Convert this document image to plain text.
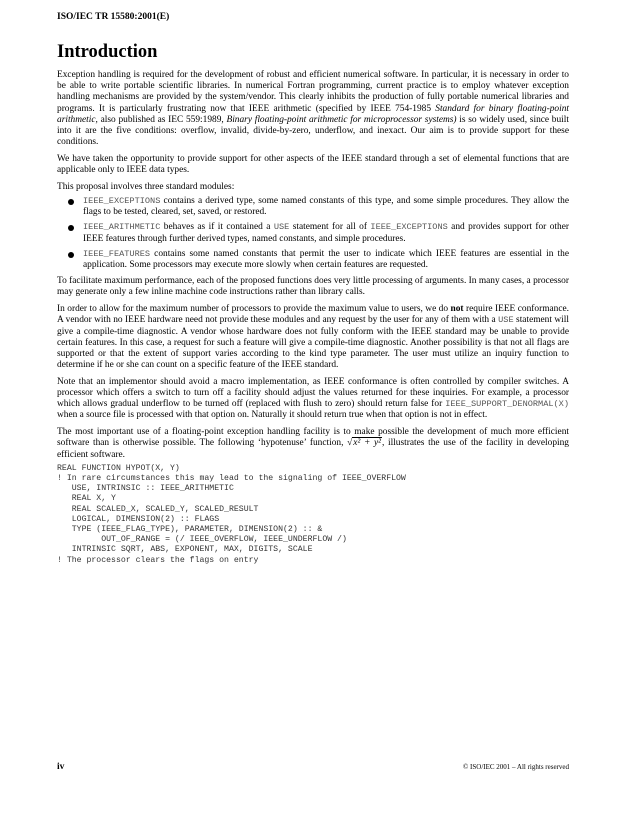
ISO/IEC TR 15580:2001(E)
Introduction

Exception handling is required for the development of robust and efficient numerical software. In particular, it is necessary in order to be able to write portable scientific libraries. In numerical Fortran programming, current practice is to employ whatever exception handling mechanisms are provided by the system/vendor. This clearly inhibits the production of fully portable numerical libraries and programs. It is particularly frustrating now that IEEE arithmetic (specified by IEEE 754-1985 Standard for binary floating-point arithmetic, also published as IEC 559:1989, Binary floating-point arithmetic for microprocessor systems) is so widely used, since built into it are the five conditions: overflow, invalid, divide-by-zero, underflow, and inexact. Our aim is to provide support for these conditions.

We have taken the opportunity to provide support for other aspects of the IEEE standard through a set of elemental functions that are applicable only to IEEE data types.

This proposal involves three standard modules:

IEEE_EXCEPTIONS contains a derived type, some named constants of this type, and some simple procedures. They allow the flags to be tested, cleared, set, saved, or restored.
IEEE_ARITHMETIC behaves as if it contained a USE statement for all of IEEE_EXCEPTIONS and provides support for other IEEE features through further derived types, named constants, and simple procedures.
IEEE_FEATURES contains some named constants that permit the user to indicate which IEEE features are essential in the application. Some processors may execute more slowly when certain features are requested.

To facilitate maximum performance, each of the proposed functions does very little processing of arguments. In many cases, a processor may generate only a few inline machine code instructions rather than library calls.

In order to allow for the maximum number of processors to provide the maximum value to users, we do not require IEEE conformance. A vendor with no IEEE hardware need not provide these modules and any request by the user for any of them with a USE statement will give a compile-time diagnostic. A vendor whose hardware does not fully conform with the IEEE standard may be unable to provide certain features. In this case, a request for such a feature will give a compile-time diagnostic. Another possibility is that not all flags are supported or that the extent of support varies according to the kind type parameter. The user must utilize an inquiry function to determine if he or she can count on a specific feature of the IEEE standard.

Note that an implementor should avoid a macro implementation, as IEEE conformance is often controlled by compiler switches. A processor which offers a switch to turn off a facility should adjust the values returned for these inquiries. For example, a processor which allows gradual underflow to be turned off (replaced with flush to zero) should return false for IEEE_SUPPORT_DENORMAL(X) when a source file is processed with that option on. Naturally it should return true when that option is not in effect.

The most important use of a floating-point exception handling facility is to make possible the development of much more efficient software than is otherwise possible. The following ‘hypotenuse’ function, √x² + y², illustrates the use of the facility in developing efficient software.

REAL FUNCTION HYPOT(X, Y)
! In rare circumstances this may lead to the signaling of IEEE_OVERFLOW
USE, INTRINSIC :: IEEE_ARITHMETIC
REAL X, Y
REAL SCALED_X, SCALED_Y, SCALED_RESULT
LOGICAL, DIMENSION(2) :: FLAGS
TYPE (IEEE_FLAG_TYPE), PARAMETER, DIMENSION(2) :: &
OUT_OF_RANGE = (/ IEEE_OVERFLOW, IEEE_UNDERFLOW /)
INTRINSIC SQRT, ABS, EXPONENT, MAX, DIGITS, SCALE
! The processor clears the flags on entry
iv	© ISO/IEC 2001 – All rights reserved
